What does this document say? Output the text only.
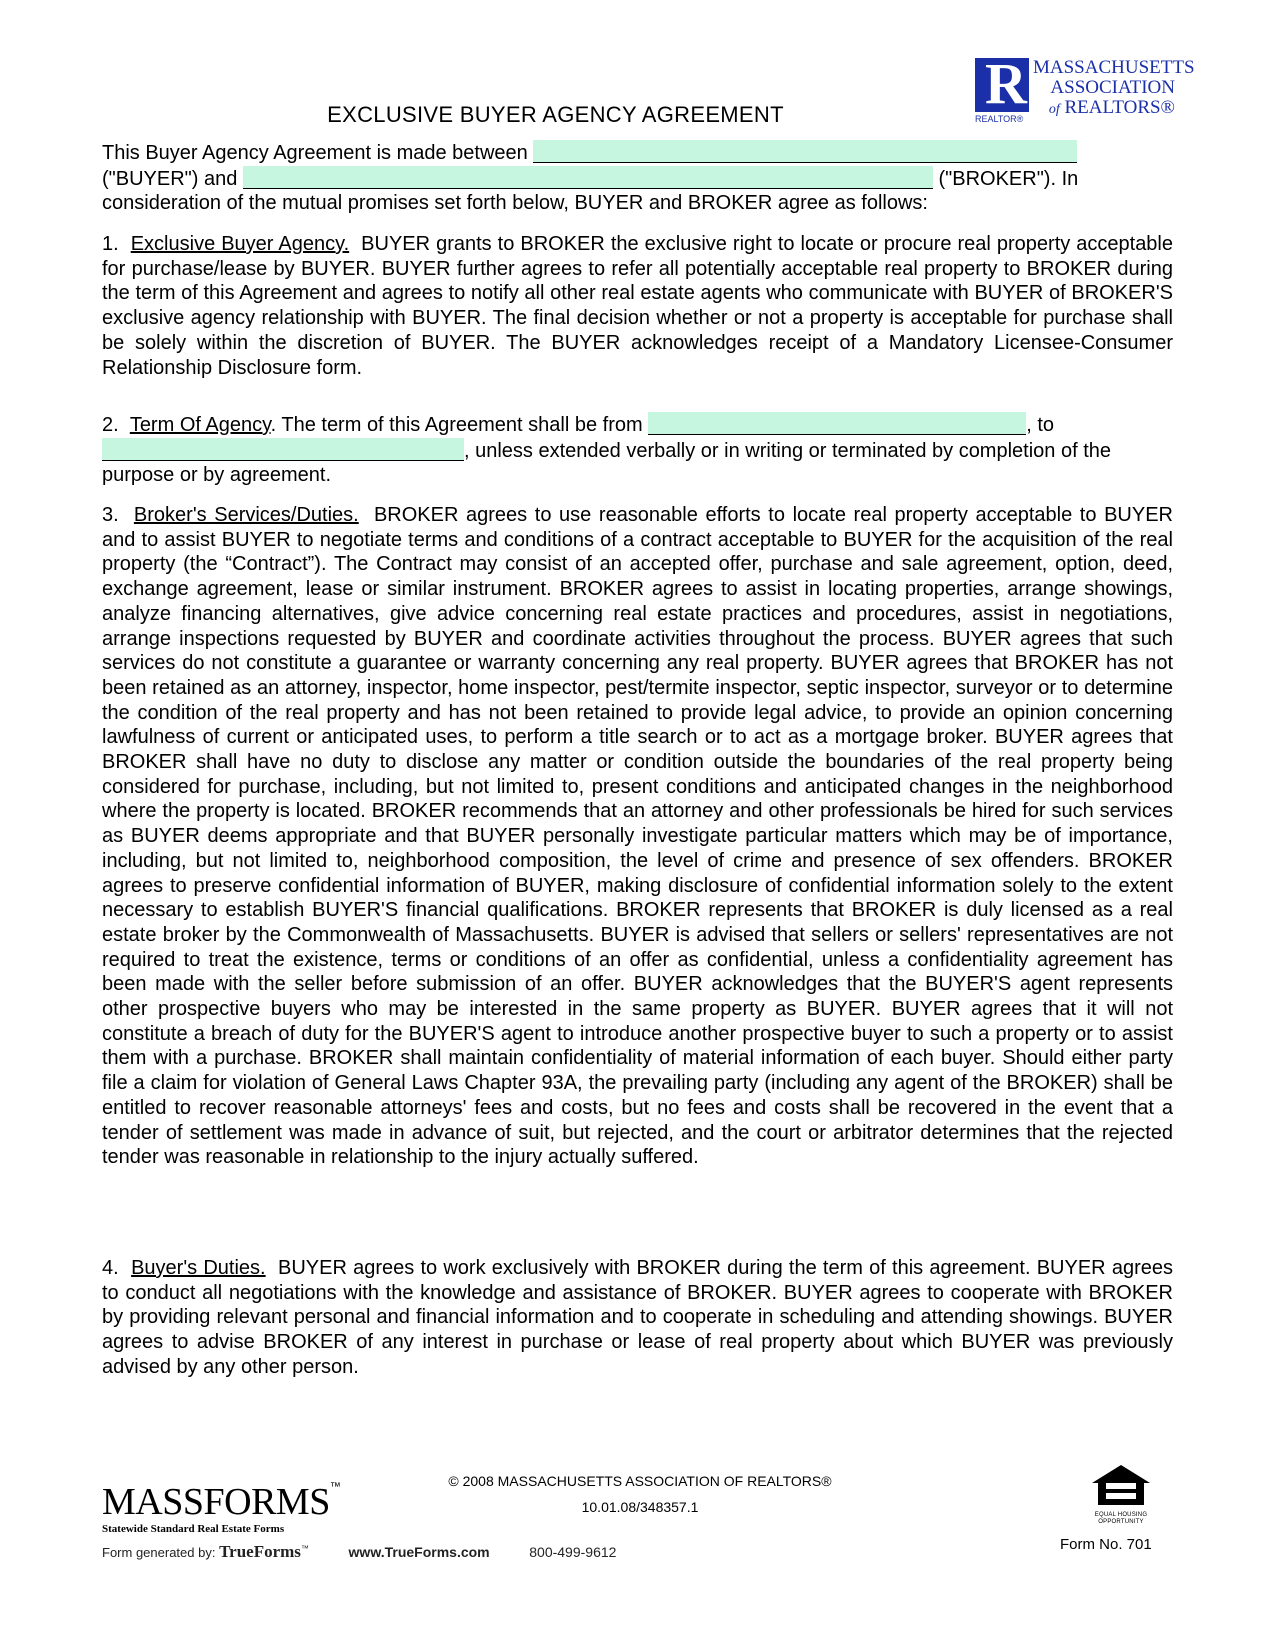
R
REALTOR®
MASSACHUSETTS
ASSOCIATION
of REALTORS®
EXCLUSIVE BUYER AGENCY AGREEMENT
This Buyer Agency Agreement is made between
("BUYER") and	("BROKER"). In
consideration of the mutual promises set forth below, BUYER and BROKER agree as follows:
1. Exclusive Buyer Agency. BUYER grants to BROKER the exclusive right to locate or procure real property acceptable for purchase/lease by BUYER. BUYER further agrees to refer all potentially acceptable real property to BROKER during the term of this Agreement and agrees to notify all other real estate agents who communicate with BUYER of BROKER'S exclusive agency relationship with BUYER. The final decision whether or not a property is acceptable for purchase shall be solely within the discretion of BUYER. The BUYER acknowledges receipt of a Mandatory Licensee-Consumer Relationship Disclosure form.
2. Term Of Agency. The term of this Agreement shall be from	, to
, unless extended verbally or in writing or terminated by completion of the purpose or by agreement.
3. Broker's Services/Duties. BROKER agrees to use reasonable efforts to locate real property acceptable to BUYER and to assist BUYER to negotiate terms and conditions of a contract acceptable to BUYER for the acquisition of the real property (the “Contract”). The Contract may consist of an accepted offer, purchase and sale agreement, option, deed, exchange agreement, lease or similar instrument. BROKER agrees to assist in locating properties, arrange showings, analyze financing alternatives, give advice concerning real estate practices and procedures, assist in negotiations, arrange inspections requested by BUYER and coordinate activities throughout the process. BUYER agrees that such services do not constitute a guarantee or warranty concerning any real property. BUYER agrees that BROKER has not been retained as an attorney, inspector, home inspector, pest/termite inspector, septic inspector, surveyor or to determine the condition of the real property and has not been retained to provide legal advice, to provide an opinion concerning lawfulness of current or anticipated uses, to perform a title search or to act as a mortgage broker. BUYER agrees that BROKER shall have no duty to disclose any matter or condition outside the boundaries of the real property being considered for purchase, including, but not limited to, present conditions and anticipated changes in the neighborhood where the property is located. BROKER recommends that an attorney and other professionals be hired for such services as BUYER deems appropriate and that BUYER personally investigate particular matters which may be of importance, including, but not limited to, neighborhood composition, the level of crime and presence of sex offenders. BROKER agrees to preserve confidential information of BUYER, making disclosure of confidential information solely to the extent necessary to establish BUYER'S financial qualifications. BROKER represents that BROKER is duly licensed as a real estate broker by the Commonwealth of Massachusetts. BUYER is advised that sellers or sellers' representatives are not required to treat the existence, terms or conditions of an offer as confidential, unless a confidentiality agreement has been made with the seller before submission of an offer. BUYER acknowledges that the BUYER'S agent represents other prospective buyers who may be interested in the same property as BUYER. BUYER agrees that it will not constitute a breach of duty for the BUYER'S agent to introduce another prospective buyer to such a property or to assist them with a purchase. BROKER shall maintain confidentiality of material information of each buyer. Should either party file a claim for violation of General Laws Chapter 93A, the prevailing party (including any agent of the BROKER) shall be entitled to recover reasonable attorneys' fees and costs, but no fees and costs shall be recovered in the event that a tender of settlement was made in advance of suit, but rejected, and the court or arbitrator determines that the rejected tender was reasonable in relationship to the injury actually suffered.
4. Buyer's Duties. BUYER agrees to work exclusively with BROKER during the term of this agreement. BUYER agrees to conduct all negotiations with the knowledge and assistance of BROKER. BUYER agrees to cooperate with BROKER by providing relevant personal and financial information and to cooperate in scheduling and attending showings. BUYER agrees to advise BROKER of any interest in purchase or lease of real property about which BUYER was previously advised by any other person.
MASSFORMS™
Statewide Standard Real Estate Forms
© 2008 MASSACHUSETTS ASSOCIATION OF REALTORS®
10.01.08/348357.1	EQUAL HOUSING
OPPORTUNITY
Form generated by: TrueForms™	www.TrueForms.com	800-499-9612	Form No. 701
